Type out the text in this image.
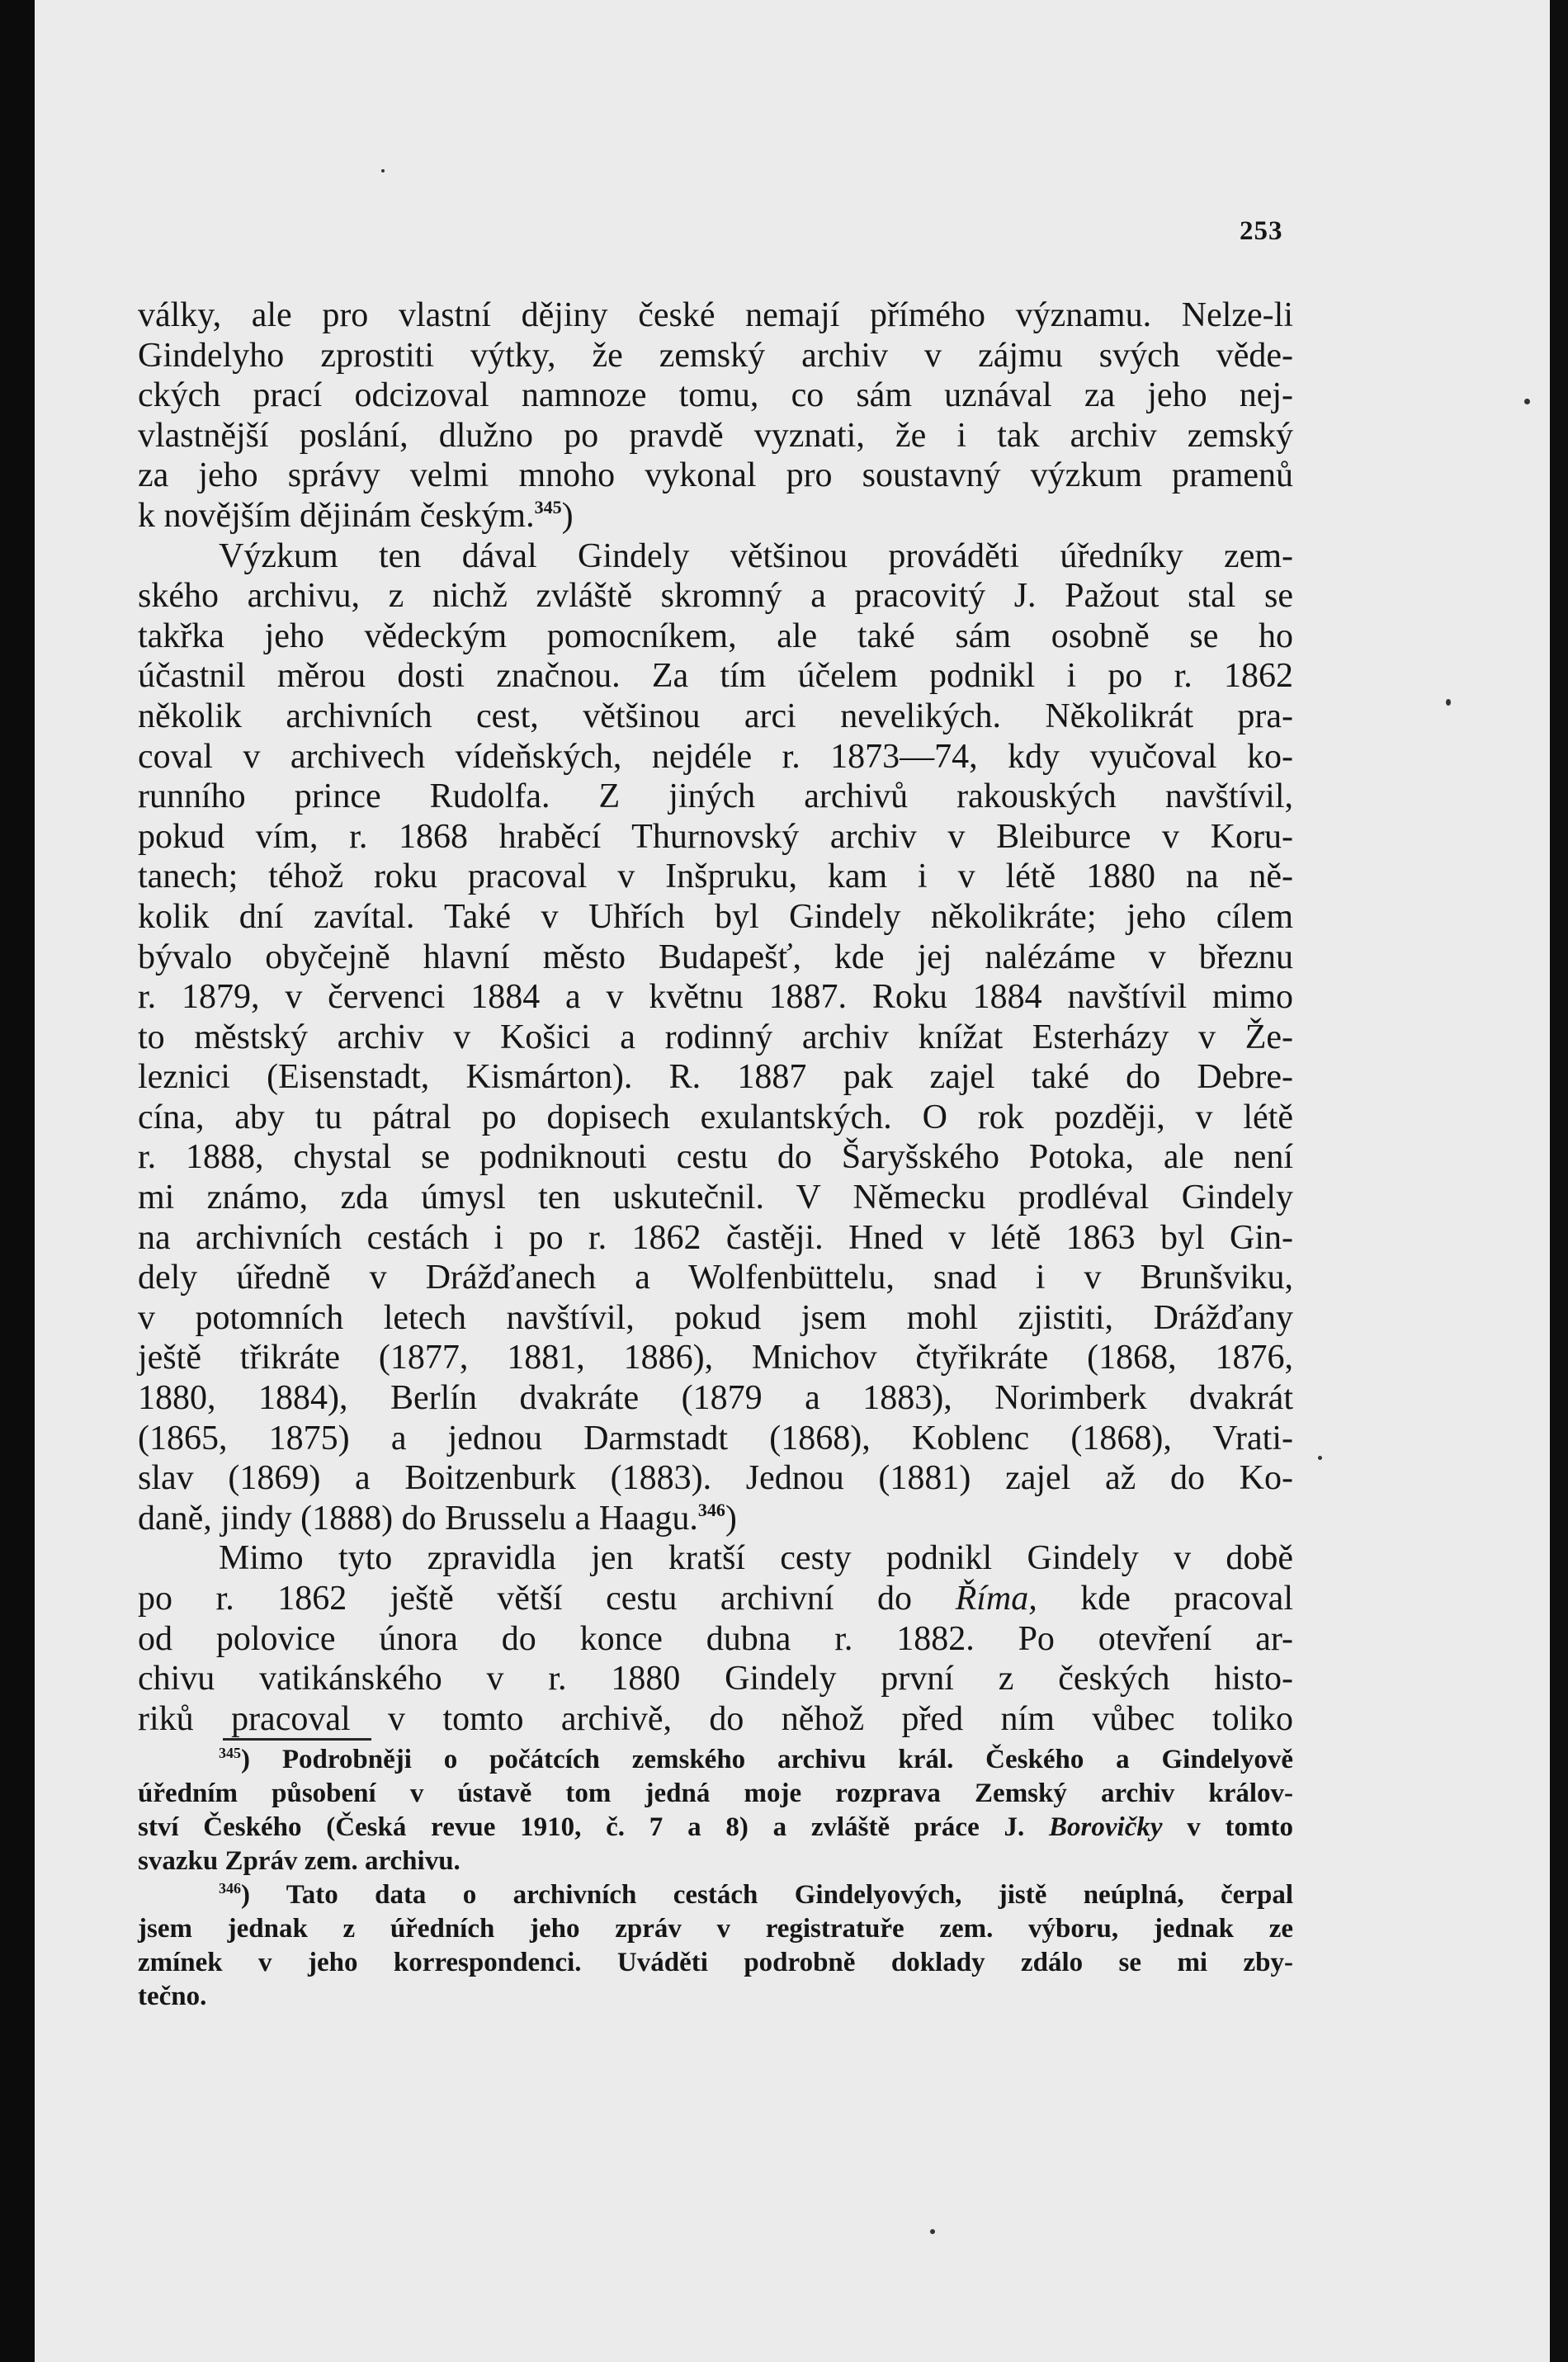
253
války, ale pro vlastní dějiny české nemají přímého významu. Nelze-li
Gindelyho zprostiti výtky, že zemský archiv v zájmu svých věde-
ckých prací odcizoval namnoze tomu, co sám uznával za jeho nej-
vlastnější poslání, dlužno po pravdě vyznati, že i tak archiv zemský
za jeho správy velmi mnoho vykonal pro soustavný výzkum pramenů
k novějším dějinám českým.$^{345}$)
Výzkum ten dával Gindely většinou prováděti úředníky zem-
ského archivu, z nichž zvláště skromný a pracovitý J. Pažout stal se
takřka jeho vědeckým pomocníkem, ale také sám osobně se ho
účastnil měrou dosti značnou. Za tím účelem podnikl i po r. 1862
několik archivních cest, většinou arci nevelikých. Několikrát pra-
coval v archivech vídeňských, nejdéle r. 1873—74, kdy vyučoval ko-
runního prince Rudolfa. Z jiných archivů rakouských navštívil,
pokud vím, r. 1868 hraběcí Thurnovský archiv v Bleiburce v Koru-
tanech; téhož roku pracoval v Inšpruku, kam i v létě 1880 na ně-
kolik dní zavítal. Také v Uhřích byl Gindely několikráte; jeho cílem
bývalo obyčejně hlavní město Budapešť, kde jej nalézáme v březnu
r. 1879, v červenci 1884 a v květnu 1887. Roku 1884 navštívil mimo
to městský archiv v Košici a rodinný archiv knížat Esterházy v Že-
leznici (Eisenstadt, Kismárton). R. 1887 pak zajel také do Debre-
cína, aby tu pátral po dopisech exulantských. O rok později, v létě
r. 1888, chystal se podniknouti cestu do Šaryšského Potoka, ale není
mi známo, zda úmysl ten uskutečnil. V Německu prodléval Gindely
na archivních cestách i po r. 1862 častěji. Hned v létě 1863 byl Gin-
dely úředně v Drážďanech a Wolfenbüttelu, snad i v Brunšviku,
v potomních letech navštívil, pokud jsem mohl zjistiti, Drážďany
ještě třikráte (1877, 1881, 1886), Mnichov čtyřikráte (1868, 1876,
1880, 1884), Berlín dvakráte (1879 a 1883), Norimberk dvakrát
(1865, 1875) a jednou Darmstadt (1868), Koblenc (1868), Vrati-
slav (1869) a Boitzenburk (1883). Jednou (1881) zajel až do Ko-
daně, jindy (1888) do Brusselu a Haagu.$^{346}$)
Mimo tyto zpravidla jen kratší cesty podnikl Gindely v době
po r. 1862 ještě větší cestu archivní do Říma, kde pracoval
od polovice února do konce dubna r. 1882. Po otevření ar-
chivu vatikánského v r. 1880 Gindely první z českých histo-
riků pracoval v tomto archivě, do něhož před ním vůbec toliko
$^{345}$) Podrobněji o počátcích zemského archivu král. Českého a Gindelyově
úředním působení v ústavě tom jedná moje rozprava Zemský archiv králov-
ství Českého (Česká revue 1910, č. 7 a 8) a zvláště práce J. Borovičky v tomto
svazku Zpráv zem. archivu.
$^{346}$) Tato data o archivních cestách Gindelyových, jistě neúplná, čerpal
jsem jednak z úředních jeho zpráv v registratuře zem. výboru, jednak ze
zmínek v jeho korrespondenci. Uváděti podrobně doklady zdálo se mi zby-
tečno.
